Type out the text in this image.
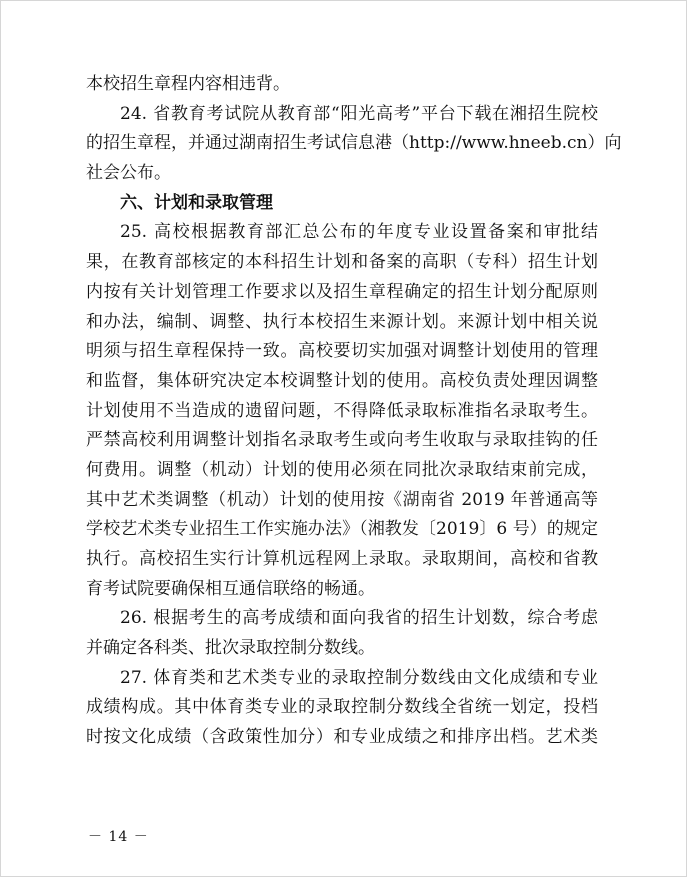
本校招生章程内容相违背。
24. 省教育考试院从教育部“阳光高考”平台下载在湘招生院校
的招生章程，并通过湖南招生考试信息港（http://www.hneeb.cn）向
社会公布。
六、计划和录取管理
25. 高校根据教育部汇总公布的年度专业设置备案和审批结
果，在教育部核定的本科招生计划和备案的高职（专科）招生计划
内按有关计划管理工作要求以及招生章程确定的招生计划分配原则
和办法，编制、调整、执行本校招生来源计划。来源计划中相关说
明须与招生章程保持一致。高校要切实加强对调整计划使用的管理
和监督，集体研究决定本校调整计划的使用。高校负责处理因调整
计划使用不当造成的遗留问题，不得降低录取标准指名录取考生。
严禁高校利用调整计划指名录取考生或向考生收取与录取挂钩的任
何费用。调整（机动）计划的使用必须在同批次录取结束前完成，
其中艺术类调整（机动）计划的使用按《湖南省 2019 年普通高等
学校艺术类专业招生工作实施办法》（湘教发〔2019〕6 号）的规定
执行。高校招生实行计算机远程网上录取。录取期间，高校和省教
育考试院要确保相互通信联络的畅通。
26. 根据考生的高考成绩和面向我省的招生计划数，综合考虑
并确定各科类、批次录取控制分数线。
27. 体育类和艺术类专业的录取控制分数线由文化成绩和专业
成绩构成。其中体育类专业的录取控制分数线全省统一划定，投档
时按文化成绩（含政策性加分）和专业成绩之和排序出档。艺术类
－ 14 －
